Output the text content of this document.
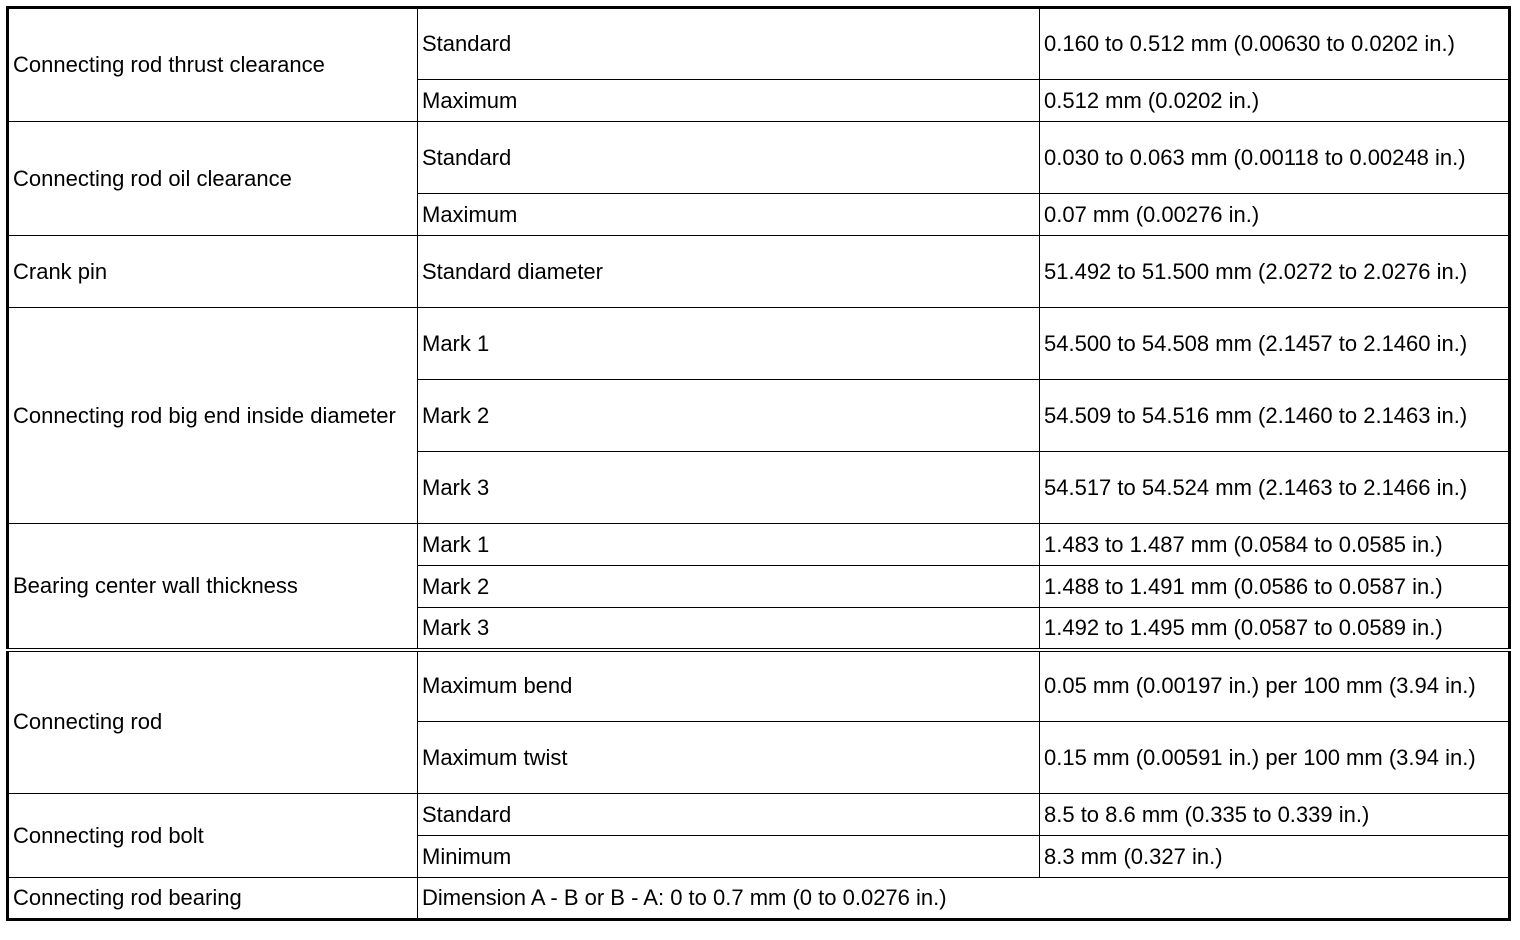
Connecting rod thrust clearance	Standard	0.160 to 0.512 mm (0.00630 to 0.0202 in.)
	Maximum	0.512 mm (0.0202 in.)
Connecting rod oil clearance	Standard	0.030 to 0.063 mm (0.00118 to 0.00248 in.)
	Maximum	0.07 mm (0.00276 in.)
Crank pin	Standard diameter	51.492 to 51.500 mm (2.0272 to 2.0276 in.)
Connecting rod big end inside diameter	Mark 1	54.500 to 54.508 mm (2.1457 to 2.1460 in.)
	Mark 2	54.509 to 54.516 mm (2.1460 to 2.1463 in.)
	Mark 3	54.517 to 54.524 mm (2.1463 to 2.1466 in.)
Bearing center wall thickness	Mark 1	1.483 to 1.487 mm (0.0584 to 0.0585 in.)
	Mark 2	1.488 to 1.491 mm (0.0586 to 0.0587 in.)
	Mark 3	1.492 to 1.495 mm (0.0587 to 0.0589 in.)
Connecting rod	Maximum bend	0.05 mm (0.00197 in.) per 100 mm (3.94 in.)
	Maximum twist	0.15 mm (0.00591 in.) per 100 mm (3.94 in.)
Connecting rod bolt	Standard	8.5 to 8.6 mm (0.335 to 0.339 in.)
	Minimum	8.3 mm (0.327 in.)
Connecting rod bearing	Dimension A - B or B - A: 0 to 0.7 mm (0 to 0.0276 in.)	
